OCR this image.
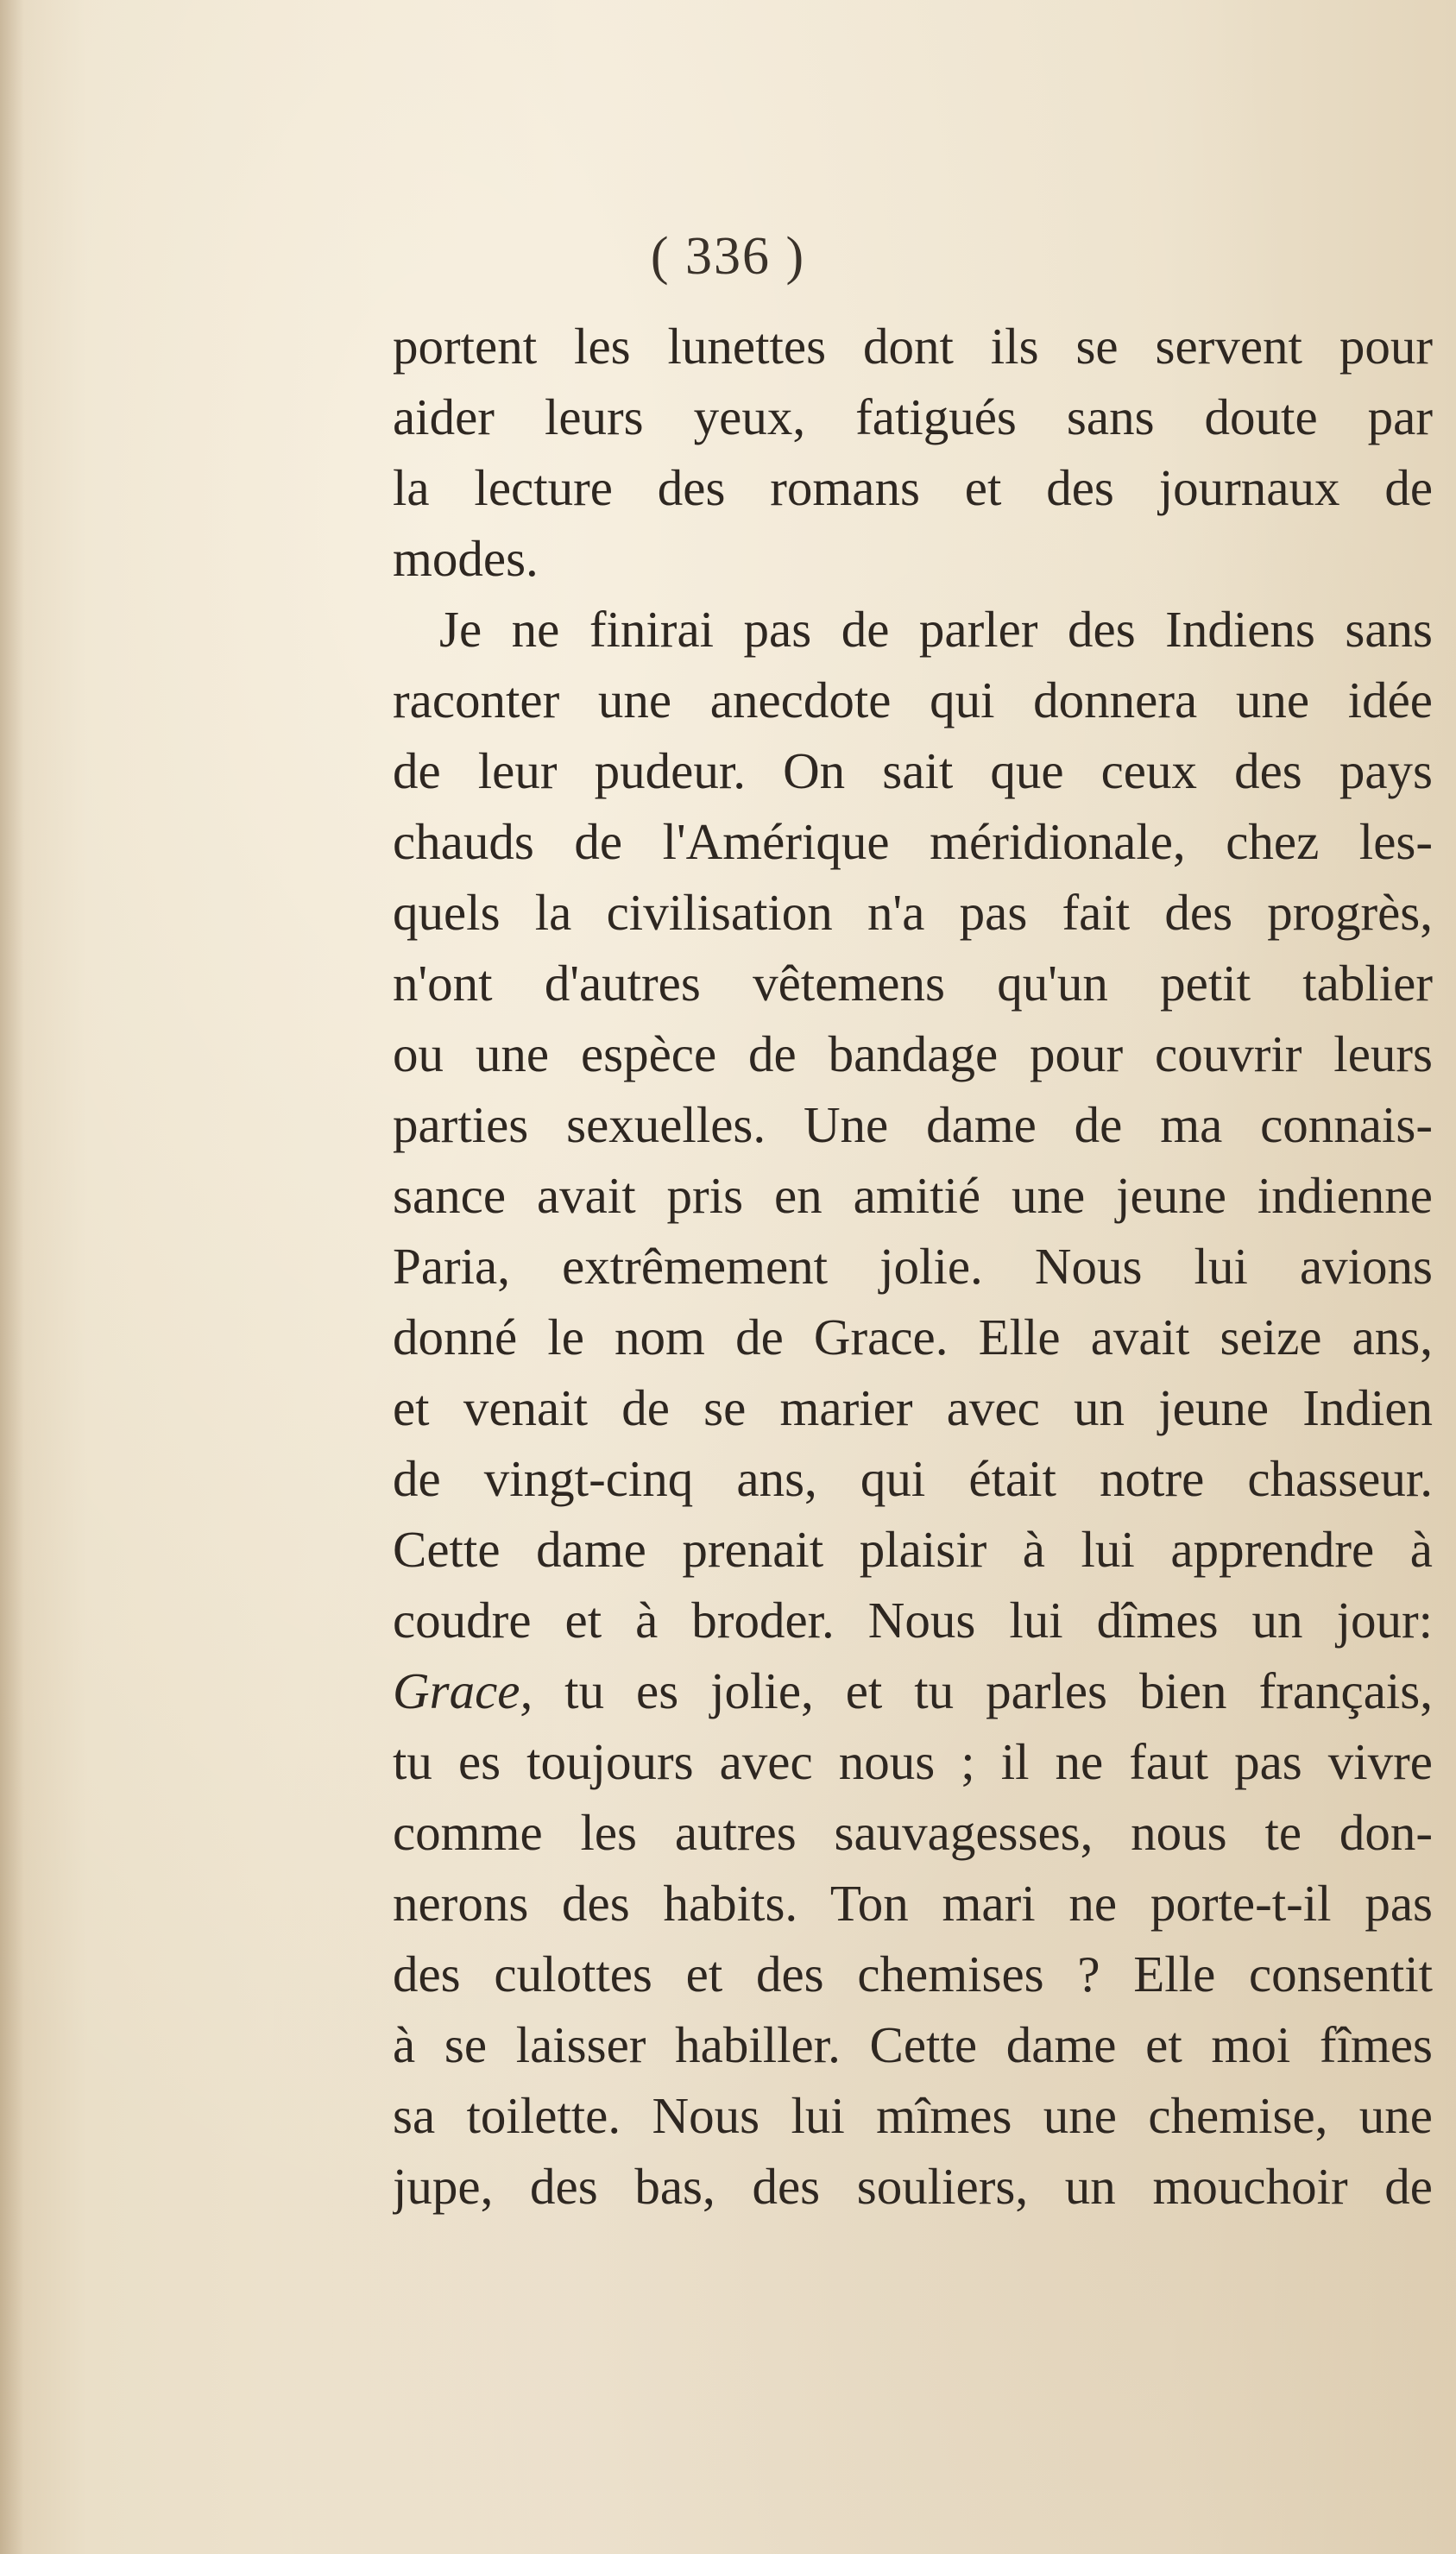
( 336 )
portent les lunettes dont ils se servent pour
aider leurs yeux, fatigués sans doute par
la lecture des romans et des journaux de
modes.
Je ne finirai pas de parler des Indiens sans
raconter une anecdote qui donnera une idée
de leur pudeur. On sait que ceux des pays
chauds de l'Amérique méridionale, chez les-
quels la civilisation n'a pas fait des progrès,
n'ont d'autres vêtemens qu'un petit tablier
ou une espèce de bandage pour couvrir leurs
parties sexuelles. Une dame de ma connais-
sance avait pris en amitié une jeune indienne
Paria, extrêmement jolie. Nous lui avions
donné le nom de Grace. Elle avait seize ans,
et venait de se marier avec un jeune Indien
de vingt-cinq ans, qui était notre chasseur.
Cette dame prenait plaisir à lui apprendre à
coudre et à broder. Nous lui dîmes un jour:
Grace, tu es jolie, et tu parles bien français,
tu es toujours avec nous ; il ne faut pas vivre
comme les autres sauvagesses, nous te don-
nerons des habits. Ton mari ne porte-t-il pas
des culottes et des chemises ? Elle consentit
à se laisser habiller. Cette dame et moi fîmes
sa toilette. Nous lui mîmes une chemise, une
jupe, des bas, des souliers, un mouchoir de
